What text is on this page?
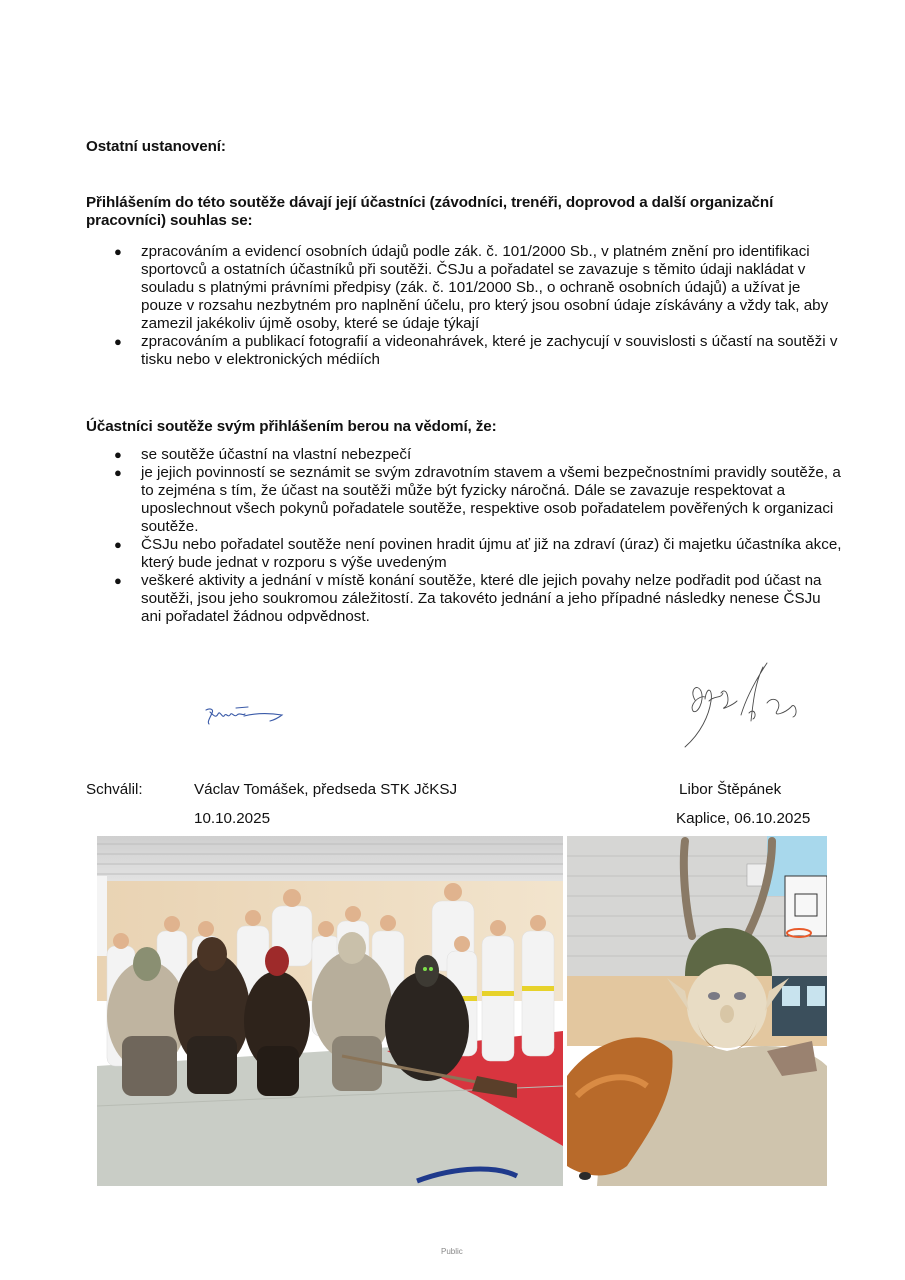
Ostatní ustanovení:
Přihlášením do této soutěže dávají její účastníci (závodníci, trenéři, doprovod a další organizační pracovníci) souhlas se:
● zpracováním a evidencí osobních údajů podle zák. č. 101/2000 Sb., v platném znění pro identifikaci sportovců a ostatních účastníků při soutěži. ČSJu a pořadatel se zavazuje s těmito údaji nakládat v souladu s platnými právními předpisy (zák. č. 101/2000 Sb., o ochraně osobních údajů) a užívat je pouze v rozsahu nezbytném pro naplnění účelu, pro který jsou osobní údaje získávány a vždy tak, aby zamezil jakékoliv újmě osoby, které se údaje týkají
● zpracováním a publikací fotografií a videonahrávek, které je zachycují v souvislosti s účastí na soutěži v tisku nebo v elektronických médiích
Účastníci soutěže svým přihlášením berou na vědomí, že:
● se soutěže účastní na vlastní nebezpečí
● je jejich povinností se seznámit se svým zdravotním stavem a všemi bezpečnostními pravidly soutěže, a to zejména s tím, že účast na soutěži může být fyzicky náročná. Dále se zavazuje respektovat a uposlechnout všech pokynů pořadatele soutěže, respektive osob pořadatelem pověřených k organizaci soutěže.
● ČSJu nebo pořadatel soutěže není povinen hradit újmu ať již na zdraví (úraz) či majetku účastníka akce, který bude jednat v rozporu s výše uvedeným
● veškeré aktivity a jednání v místě konání soutěže, které dle jejich povahy nelze podřadit pod účast na soutěži, jsou jeho soukromou záležitostí. Za takovéto jednání a jeho případné následky nenese ČSJu ani pořadatel žádnou odpvědnost.
Schválil:	Václav Tomášek, předseda STK JčKSJ
10.10.2025
Libor Štěpánek
Kaplice, 06.10.2025
Public
